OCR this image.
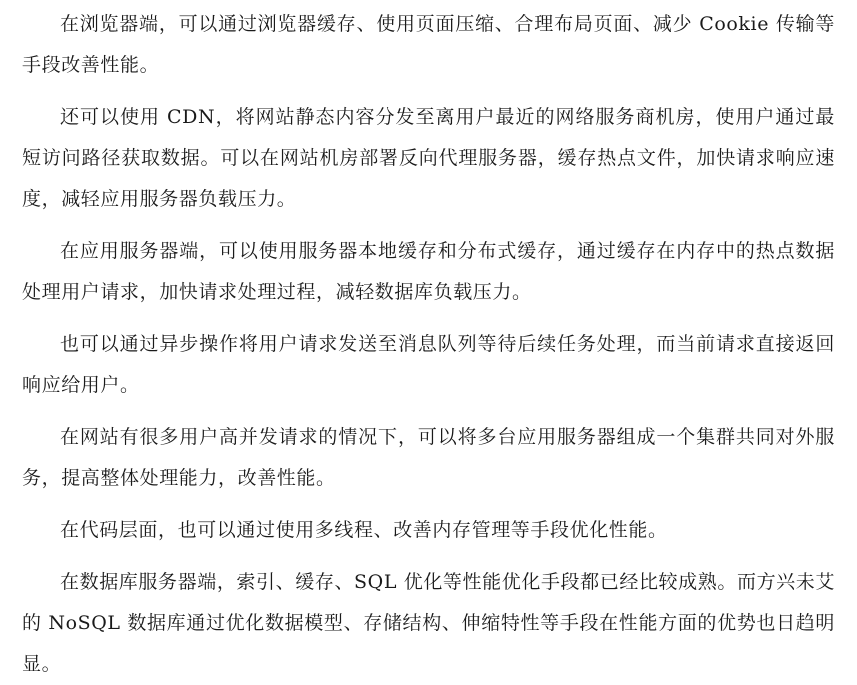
在浏览器端，可以通过浏览器缓存、使用页面压缩、合理布局页面、减少 Cookie 传输等手段改善性能。

还可以使用 CDN，将网站静态内容分发至离用户最近的网络服务商机房，使用户通过最短访问路径获取数据。可以在网站机房部署反向代理服务器，缓存热点文件，加快请求响应速度，减轻应用服务器负载压力。

在应用服务器端，可以使用服务器本地缓存和分布式缓存，通过缓存在内存中的热点数据处理用户请求，加快请求处理过程，减轻数据库负载压力。

也可以通过异步操作将用户请求发送至消息队列等待后续任务处理，而当前请求直接返回响应给用户。

在网站有很多用户高并发请求的情况下，可以将多台应用服务器组成一个集群共同对外服务，提高整体处理能力，改善性能。

在代码层面，也可以通过使用多线程、改善内存管理等手段优化性能。

在数据库服务器端，索引、缓存、SQL 优化等性能优化手段都已经比较成熟。而方兴未艾的 NoSQL 数据库通过优化数据模型、存储结构、伸缩特性等手段在性能方面的优势也日趋明显。
